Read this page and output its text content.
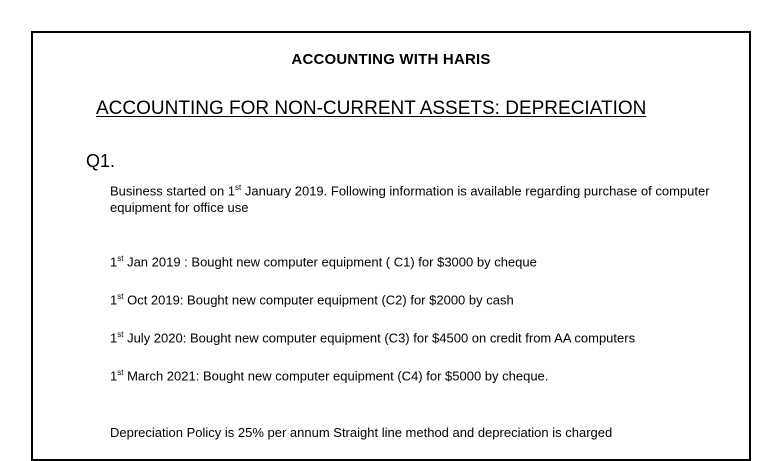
ACCOUNTING WITH HARIS
ACCOUNTING FOR NON-CURRENT ASSETS: DEPRECIATION
Q1.
Business started on 1st January 2019. Following information is available regarding purchase of computer equipment for office use
1st Jan 2019 : Bought new computer equipment ( C1) for $3000 by cheque
1st Oct 2019: Bought new computer equipment (C2) for $2000 by cash
1st July 2020: Bought new computer equipment (C3) for $4500 on credit from AA computers
1st March 2021: Bought new computer equipment (C4) for $5000 by cheque.
Depreciation Policy is 25% per annum Straight line method and depreciation is charged
